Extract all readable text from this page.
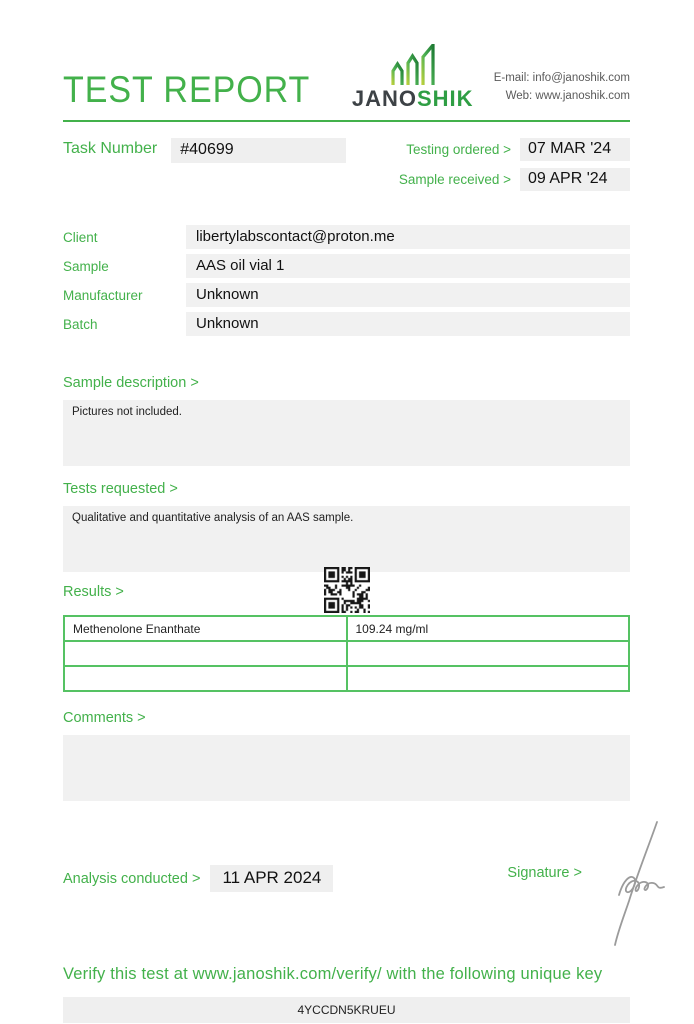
TEST REPORT JANOSHIK
E-mail: info@janoshik.com
Web: www.janoshik.com
Task Number	#40699	Testing ordered >	07 MAR '24
Sample received >	09 APR '24
Client	libertylabscontact@proton.me
Sample	AAS oil vial 1
Manufacturer	Unknown
Batch	Unknown
Sample description >
Pictures not included.
Tests requested >
Qualitative and quantitative analysis of an AAS sample.
Results >
Methenolone Enanthate	109.24 mg/ml

Comments >
Analysis conducted >	11 APR 2024	Signature >
Verify this test at www.janoshik.com/verify/ with the following unique key
4YCCDN5KRUEU
